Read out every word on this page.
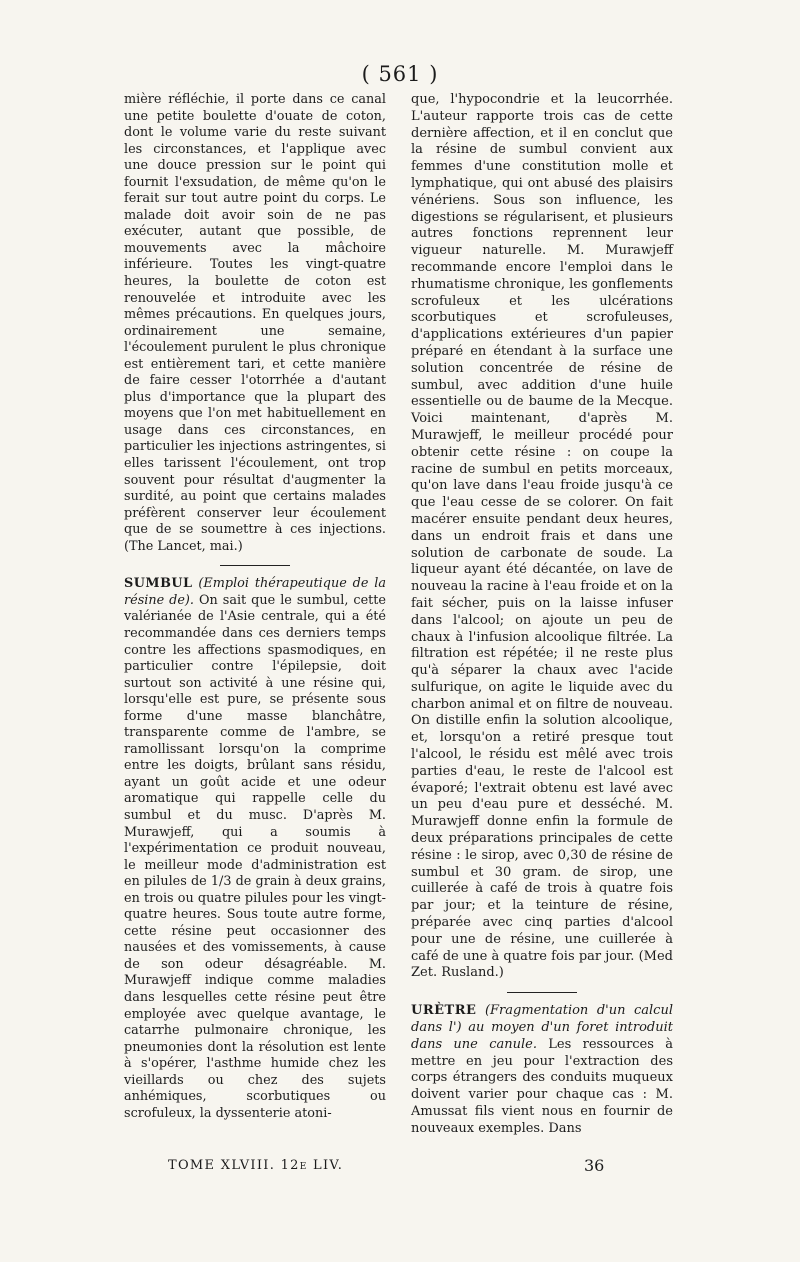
( 561 )

mière réfléchie, il porte dans ce canal une petite boulette d'ouate de coton, dont le volume varie du reste suivant les circonstances, et l'applique avec une douce pression sur le point qui fournit l'exsudation, de même qu'on le ferait sur tout autre point du corps. Le malade doit avoir soin de ne pas exécuter, autant que possible, de mouvements avec la mâchoire inférieure. Toutes les vingt-quatre heures, la boulette de coton est renouvelée et introduite avec les mêmes précautions. En quelques jours, ordinairement une semaine, l'écoulement purulent le plus chronique est entièrement tari, et cette manière de faire cesser l'otorrhée a d'autant plus d'importance que la plupart des moyens que l'on met habituellement en usage dans ces circonstances, en particulier les injections astringentes, si elles tarissent l'écoulement, ont trop souvent pour résultat d'augmenter la surdité, au point que certains malades préfèrent conserver leur écoulement que de se soumettre à ces injections. (The Lancet, mai.)

SUMBUL (Emploi thérapeutique de la résine de). On sait que le sumbul, cette valérianée de l'Asie centrale, qui a été recommandée dans ces derniers temps contre les affections spasmodiques, en particulier contre l'épilepsie, doit surtout son activité à une résine qui, lorsqu'elle est pure, se présente sous forme d'une masse blanchâtre, transparente comme de l'ambre, se ramollissant lorsqu'on la comprime entre les doigts, brûlant sans résidu, ayant un goût acide et une odeur aromatique qui rappelle celle du sumbul et du musc. D'après M. Murawjeff, qui a soumis à l'expérimentation ce produit nouveau, le meilleur mode d'administration est en pilules de 1/3 de grain à deux grains, en trois ou quatre pilules pour les vingt-quatre heures. Sous toute autre forme, cette résine peut occasionner des nausées et des vomissements, à cause de son odeur désagréable. M. Murawjeff indique comme maladies dans lesquelles cette résine peut être employée avec quelque avantage, le catarrhe pulmonaire chronique, les pneumonies dont la résolution est lente à s'opérer, l'asthme humide chez les vieillards ou chez des sujets anhémiques, scorbutiques ou scrofuleux, la dyssenterie atoni-

que, l'hypocondrie et la leucorrhée. L'auteur rapporte trois cas de cette dernière affection, et il en conclut que la résine de sumbul convient aux femmes d'une constitution molle et lymphatique, qui ont abusé des plaisirs vénériens. Sous son influence, les digestions se régularisent, et plusieurs autres fonctions reprennent leur vigueur naturelle. M. Murawjeff recommande encore l'emploi dans le rhumatisme chronique, les gonflements scrofuleux et les ulcérations scorbutiques et scrofuleuses, d'applications extérieures d'un papier préparé en étendant à la surface une solution concentrée de résine de sumbul, avec addition d'une huile essentielle ou de baume de la Mecque. Voici maintenant, d'après M. Murawjeff, le meilleur procédé pour obtenir cette résine : on coupe la racine de sumbul en petits morceaux, qu'on lave dans l'eau froide jusqu'à ce que l'eau cesse de se colorer. On fait macérer ensuite pendant deux heures, dans un endroit frais et dans une solution de carbonate de soude. La liqueur ayant été décantée, on lave de nouveau la racine à l'eau froide et on la fait sécher, puis on la laisse infuser dans l'alcool; on ajoute un peu de chaux à l'infusion alcoolique filtrée. La filtration est répétée; il ne reste plus qu'à séparer la chaux avec l'acide sulfurique, on agite le liquide avec du charbon animal et on filtre de nouveau. On distille enfin la solution alcoolique, et, lorsqu'on a retiré presque tout l'alcool, le résidu est mêlé avec trois parties d'eau, le reste de l'alcool est évaporé; l'extrait obtenu est lavé avec un peu d'eau pure et desséché. M. Murawjeff donne enfin la formule de deux préparations principales de cette résine : le sirop, avec 0,30 de résine de sumbul et 30 gram. de sirop, une cuillerée à café de trois à quatre fois par jour; et la teinture de résine, préparée avec cinq parties d'alcool pour une de résine, une cuillerée à café de une à quatre fois par jour. (Med Zet. Rusland.)

URÈTRE (Fragmentation d'un calcul dans l') au moyen d'un foret introduit dans une canule. Les ressources à mettre en jeu pour l'extraction des corps étrangers des conduits muqueux doivent varier pour chaque cas : M. Amussat fils vient nous en fournir de nouveaux exemples. Dans

TOME XLVIII. 12e LIV.	36
